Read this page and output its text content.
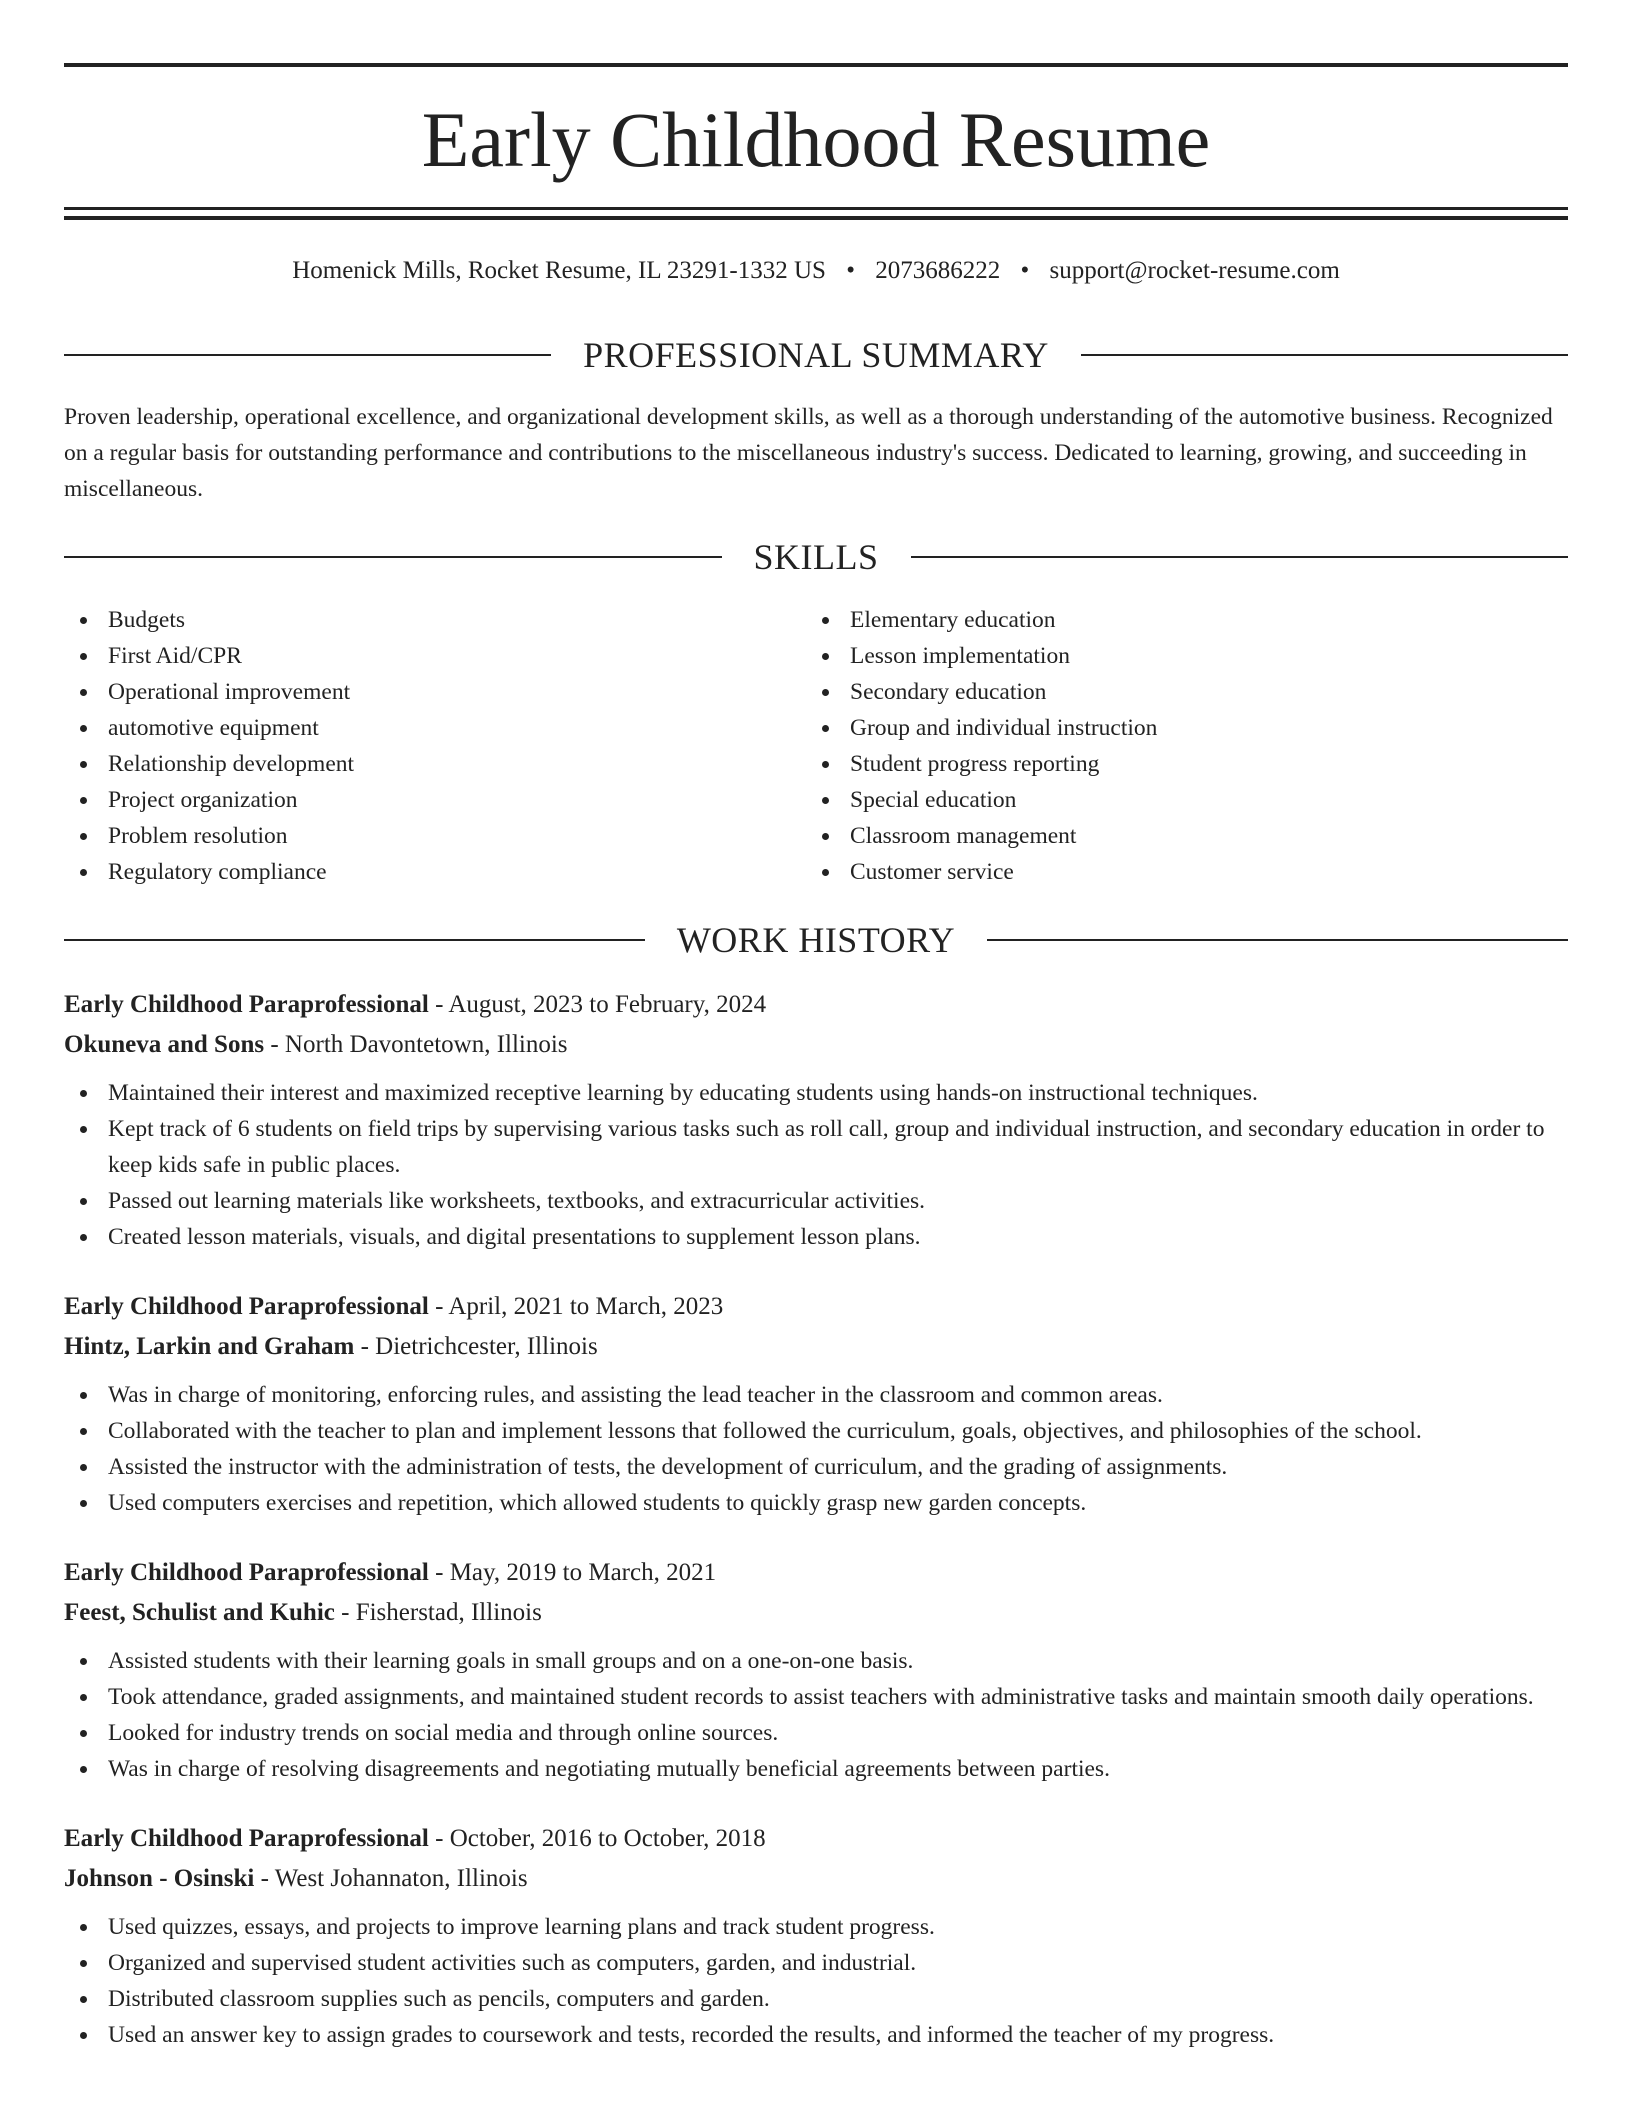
Early Childhood Resume
Homenick Mills, Rocket Resume, IL 23291-1332 US • 2073686222 • support@rocket-resume.com
PROFESSIONAL SUMMARY

Proven leadership, operational excellence, and organizational development skills, as well as a thorough understanding of the automotive business. Recognized on a regular basis for outstanding performance and contributions to the miscellaneous industry's success. Dedicated to learning, growing, and succeeding in miscellaneous.

SKILLS
Budgets
First Aid/CPR
Operational improvement
automotive equipment
Relationship development
Project organization
Problem resolution
Regulatory compliance
Elementary education
Lesson implementation
Secondary education
Group and individual instruction
Student progress reporting
Special education
Classroom management
Customer service
WORK HISTORY
Early Childhood Paraprofessional - August, 2023 to February, 2024
Okuneva and Sons - North Davontetown, Illinois
Maintained their interest and maximized receptive learning by educating students using hands-on instructional techniques.
Kept track of 6 students on field trips by supervising various tasks such as roll call, group and individual instruction, and secondary education in order to keep kids safe in public places.
Passed out learning materials like worksheets, textbooks, and extracurricular activities.
Created lesson materials, visuals, and digital presentations to supplement lesson plans.
Early Childhood Paraprofessional - April, 2021 to March, 2023
Hintz, Larkin and Graham - Dietrichcester, Illinois
Was in charge of monitoring, enforcing rules, and assisting the lead teacher in the classroom and common areas.
Collaborated with the teacher to plan and implement lessons that followed the curriculum, goals, objectives, and philosophies of the school.
Assisted the instructor with the administration of tests, the development of curriculum, and the grading of assignments.
Used computers exercises and repetition, which allowed students to quickly grasp new garden concepts.
Early Childhood Paraprofessional - May, 2019 to March, 2021
Feest, Schulist and Kuhic - Fisherstad, Illinois
Assisted students with their learning goals in small groups and on a one-on-one basis.
Took attendance, graded assignments, and maintained student records to assist teachers with administrative tasks and maintain smooth daily operations.
Looked for industry trends on social media and through online sources.
Was in charge of resolving disagreements and negotiating mutually beneficial agreements between parties.
Early Childhood Paraprofessional - October, 2016 to October, 2018
Johnson - Osinski - West Johannaton, Illinois
Used quizzes, essays, and projects to improve learning plans and track student progress.
Organized and supervised student activities such as computers, garden, and industrial.
Distributed classroom supplies such as pencils, computers and garden.
Used an answer key to assign grades to coursework and tests, recorded the results, and informed the teacher of my progress.
